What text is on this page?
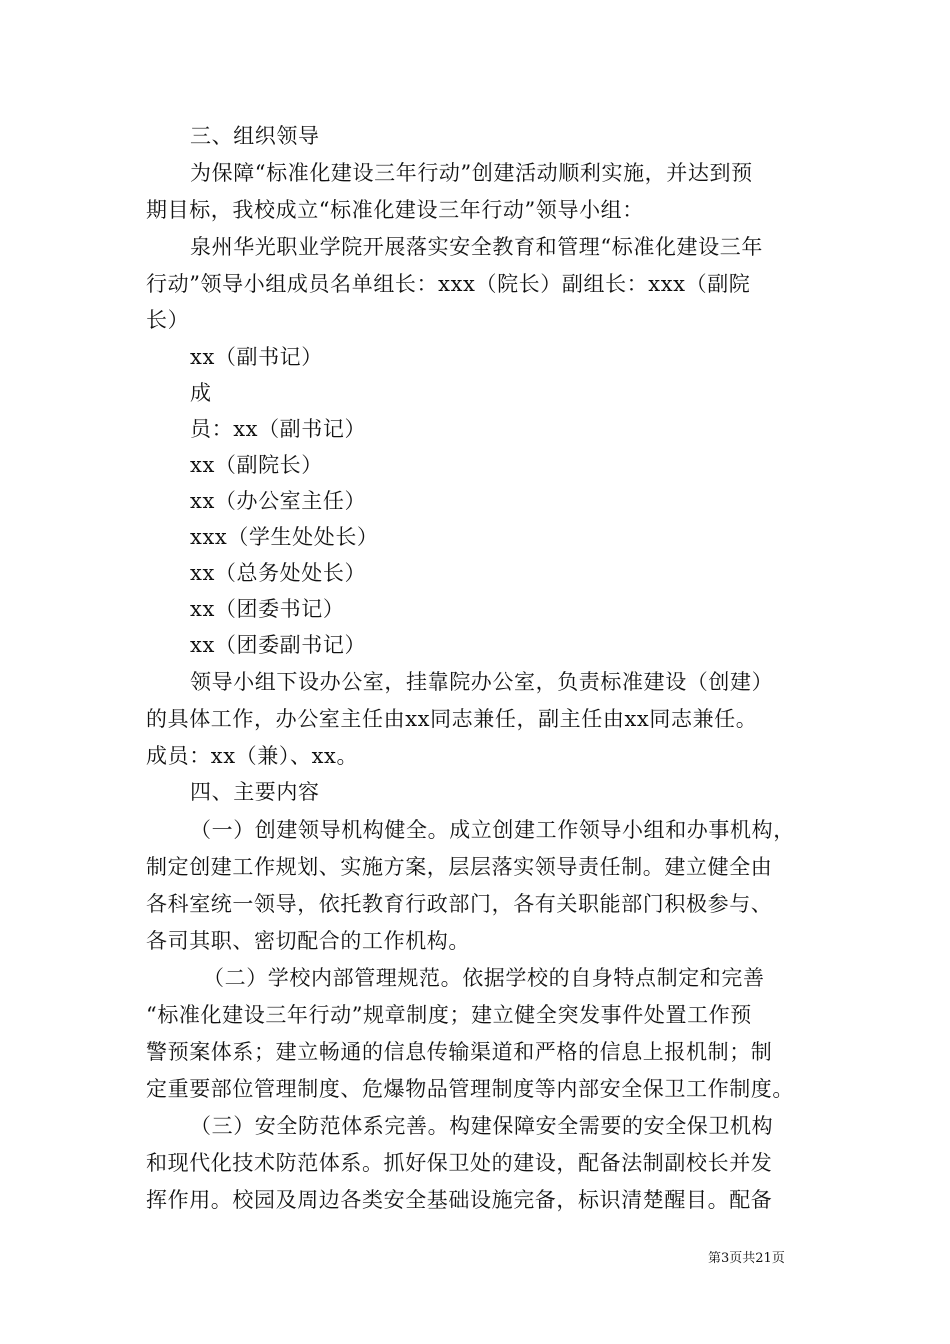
三、组织领导
为保障“标准化建设三年行动”创建活动顺利实施，并达到预
期目标，我校成立“标准化建设三年行动”领导小组：
泉州华光职业学院开展落实安全教育和管理“标准化建设三年
行动”领导小组成员名单组长：xxx（院长）副组长：xxx（副院
长）
xx（副书记）
成
员：xx（副书记）
xx（副院长）
xx（办公室主任）
xxx（学生处处长）
xx（总务处处长）
xx（团委书记）
xx（团委副书记）
领导小组下设办公室，挂靠院办公室，负责标准建设（创建）
的具体工作，办公室主任由xx同志兼任，副主任由xx同志兼任。
成员：xx（兼）、xx。
四、主要内容
（一）创建领导机构健全。成立创建工作领导小组和办事机构，
制定创建工作规划、实施方案，层层落实领导责任制。建立健全由
各科室统一领导，依托教育行政部门，各有关职能部门积极参与、
各司其职、密切配合的工作机构。
（二）学校内部管理规范。依据学校的自身特点制定和完善
“标准化建设三年行动”规章制度；建立健全突发事件处置工作预
警预案体系；建立畅通的信息传输渠道和严格的信息上报机制；制
定重要部位管理制度、危爆物品管理制度等内部安全保卫工作制度。
（三）安全防范体系完善。构建保障安全需要的安全保卫机构
和现代化技术防范体系。抓好保卫处的建设，配备法制副校长并发
挥作用。校园及周边各类安全基础设施完备，标识清楚醒目。配备
第3页共21页
